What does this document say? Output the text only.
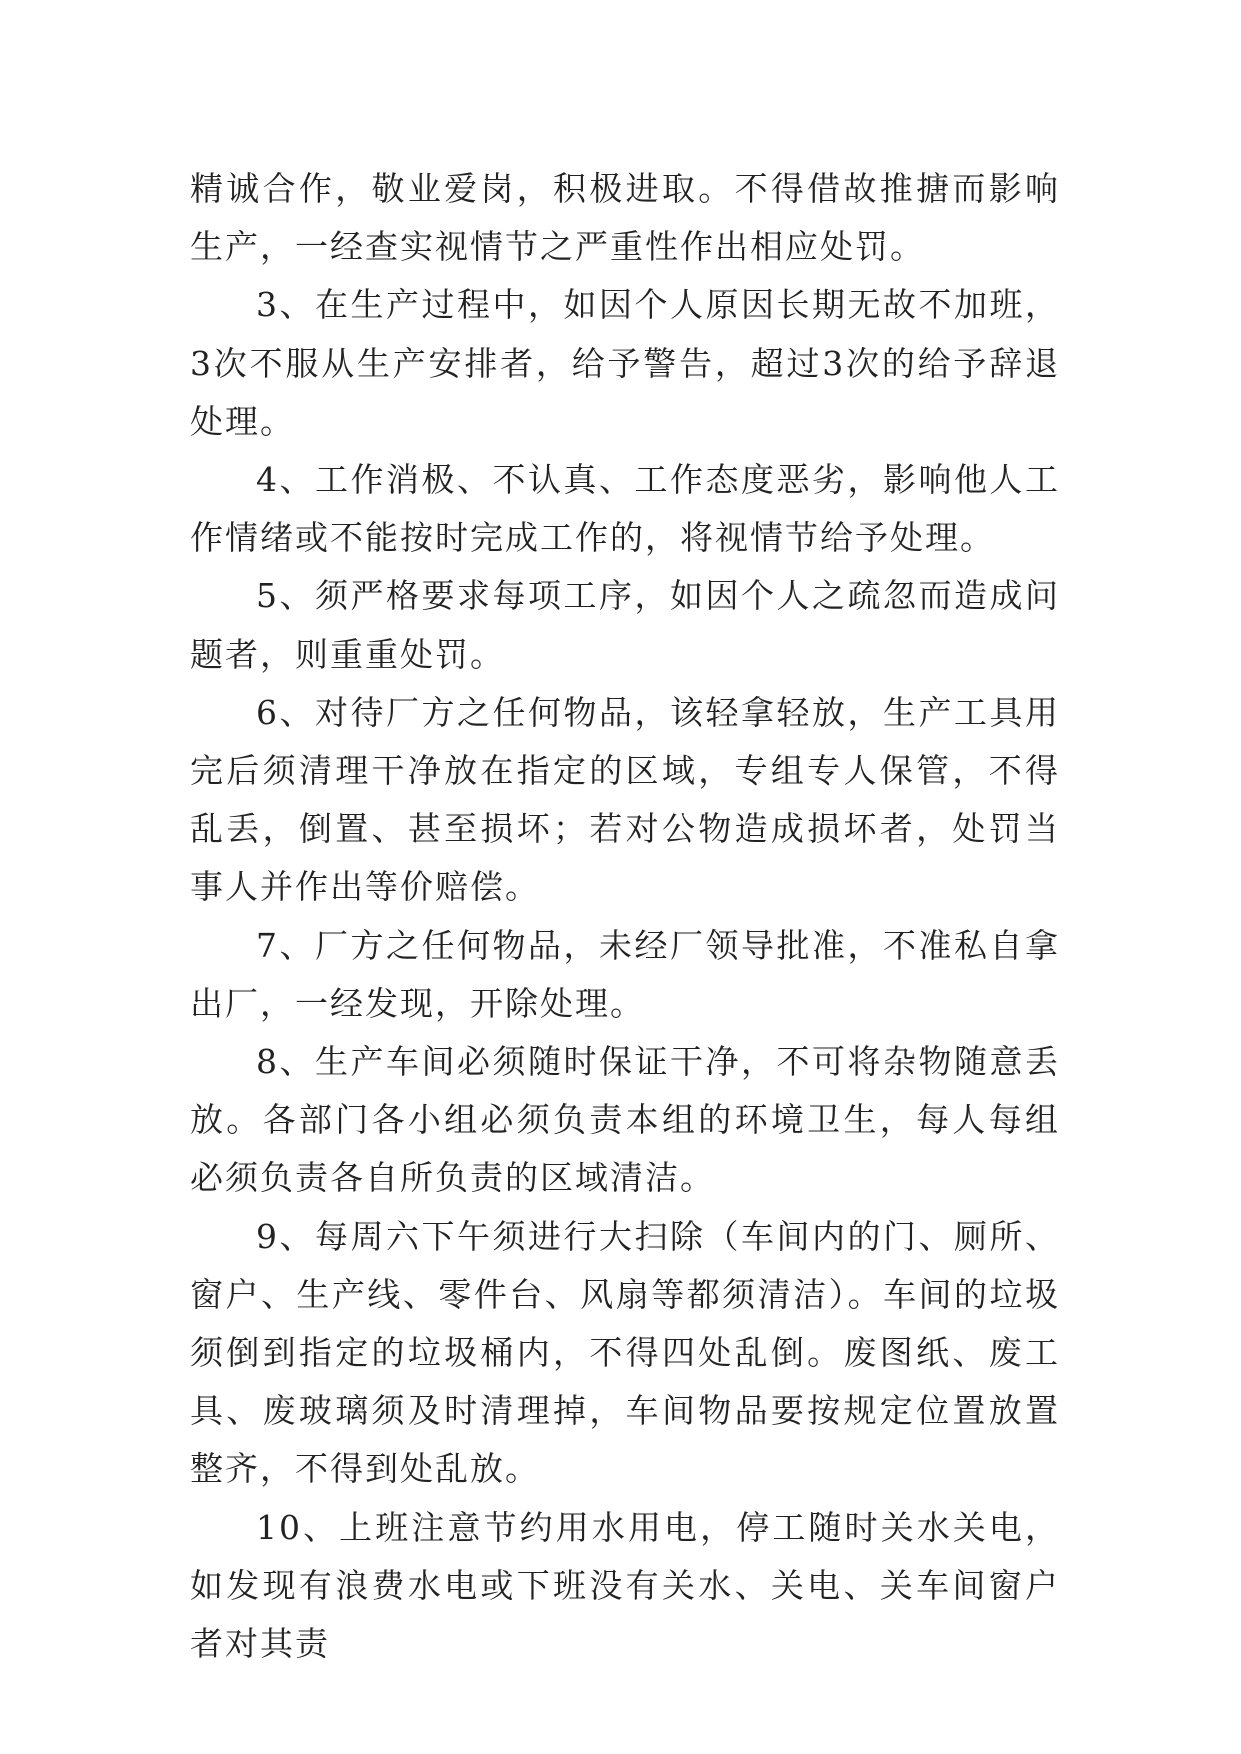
精诚合作，敬业爱岗，积极进取。不得借故推搪而影响生产，一经查实视情节之严重性作出相应处罚。

3、在生产过程中，如因个人原因长期无故不加班，3次不服从生产安排者，给予警告，超过3次的给予辞退处理。

4、工作消极、不认真、工作态度恶劣，影响他人工作情绪或不能按时完成工作的，将视情节给予处理。

5、须严格要求每项工序，如因个人之疏忽而造成问题者，则重重处罚。

6、对待厂方之任何物品，该轻拿轻放，生产工具用完后须清理干净放在指定的区域，专组专人保管，不得乱丢，倒置、甚至损坏；若对公物造成损坏者，处罚当事人并作出等价赔偿。

7、厂方之任何物品，未经厂领导批准，不准私自拿出厂，一经发现，开除处理。

8、生产车间必须随时保证干净，不可将杂物随意丢放。各部门各小组必须负责本组的环境卫生，每人每组必须负责各自所负责的区域清洁。

9、每周六下午须进行大扫除（车间内的门、厕所、窗户、生产线、零件台、风扇等都须清洁）。车间的垃圾须倒到指定的垃圾桶内，不得四处乱倒。废图纸、废工具、废玻璃须及时清理掉，车间物品要按规定位置放置整齐，不得到处乱放。

10、上班注意节约用水用电，停工随时关水关电，如发现有浪费水电或下班没有关水、关电、关车间窗户者对其责
